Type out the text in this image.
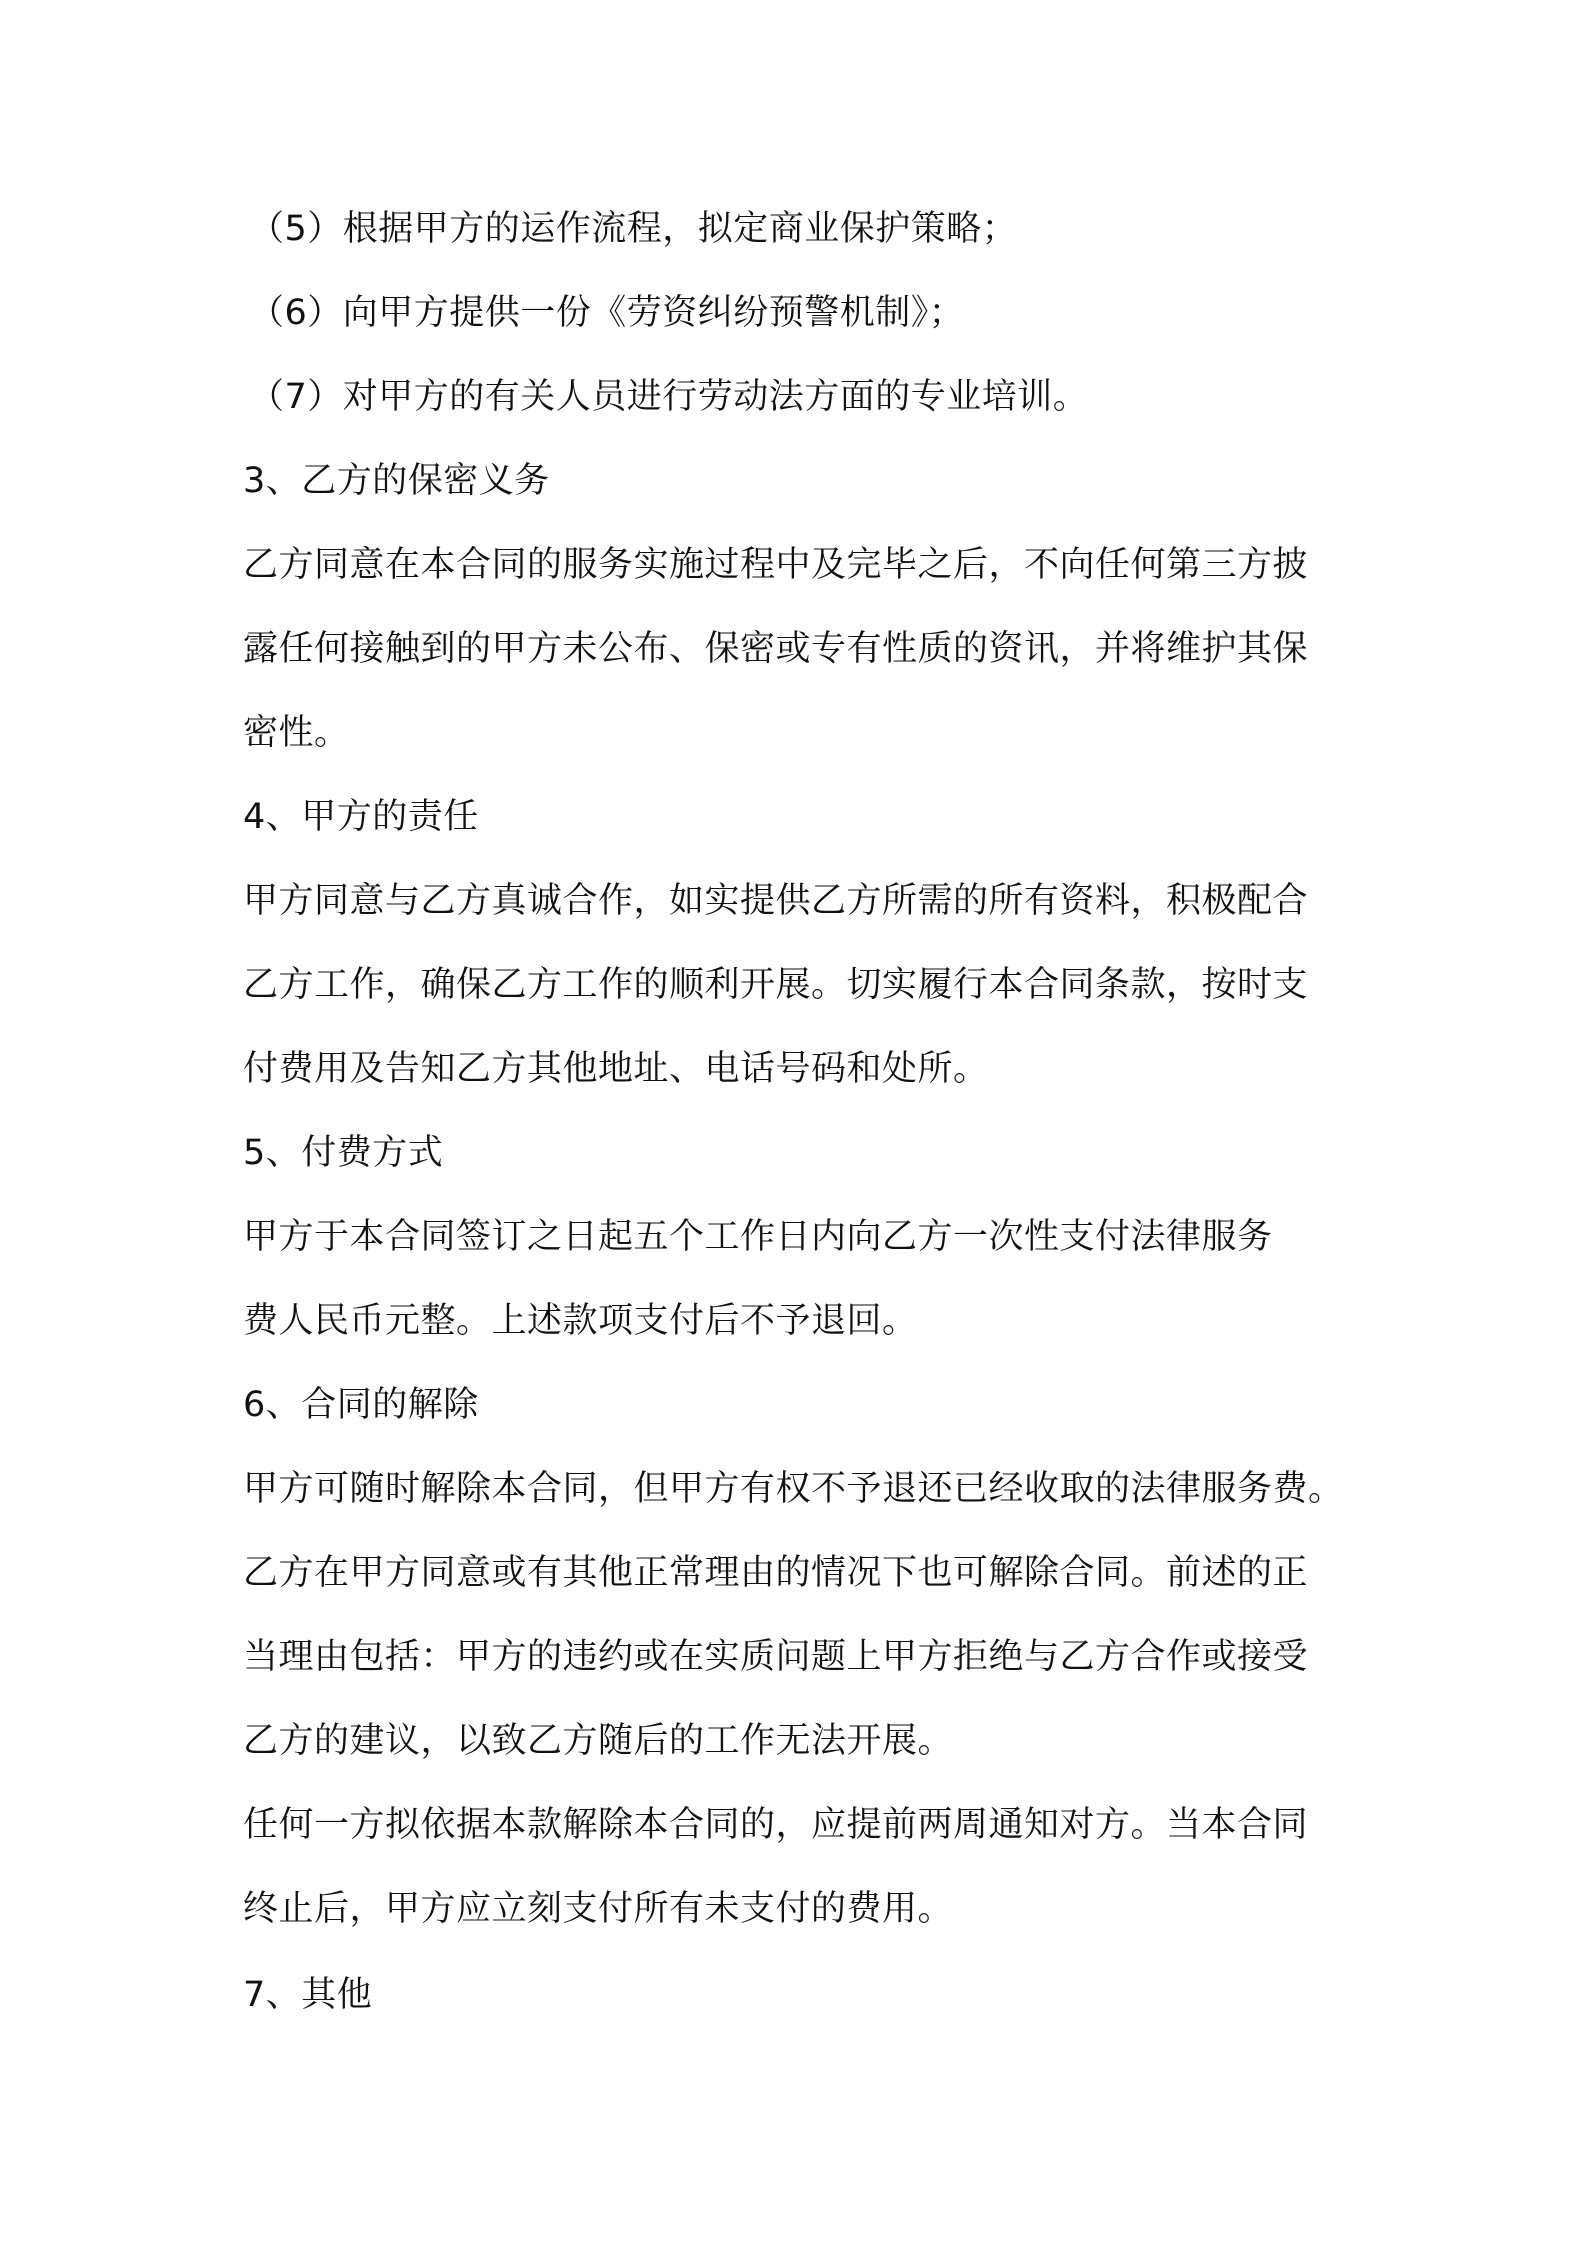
（5）根据甲方的运作流程，拟定商业保护策略；
（6）向甲方提供一份《劳资纠纷预警机制》；
（7）对甲方的有关人员进行劳动法方面的专业培训。
3、乙方的保密义务
乙方同意在本合同的服务实施过程中及完毕之后，不向任何第三方披
露任何接触到的甲方未公布、保密或专有性质的资讯，并将维护其保
密性。
4、甲方的责任
甲方同意与乙方真诚合作，如实提供乙方所需的所有资料，积极配合
乙方工作，确保乙方工作的顺利开展。切实履行本合同条款，按时支
付费用及告知乙方其他地址、电话号码和处所。
5、付费方式
甲方于本合同签订之日起五个工作日内向乙方一次性支付法律服务
费人民币元整。上述款项支付后不予退回。
6、合同的解除
甲方可随时解除本合同，但甲方有权不予退还已经收取的法律服务费。
乙方在甲方同意或有其他正常理由的情况下也可解除合同。前述的正
当理由包括：甲方的违约或在实质问题上甲方拒绝与乙方合作或接受
乙方的建议，以致乙方随后的工作无法开展。
任何一方拟依据本款解除本合同的，应提前两周通知对方。当本合同
终止后，甲方应立刻支付所有未支付的费用。
7、其他
